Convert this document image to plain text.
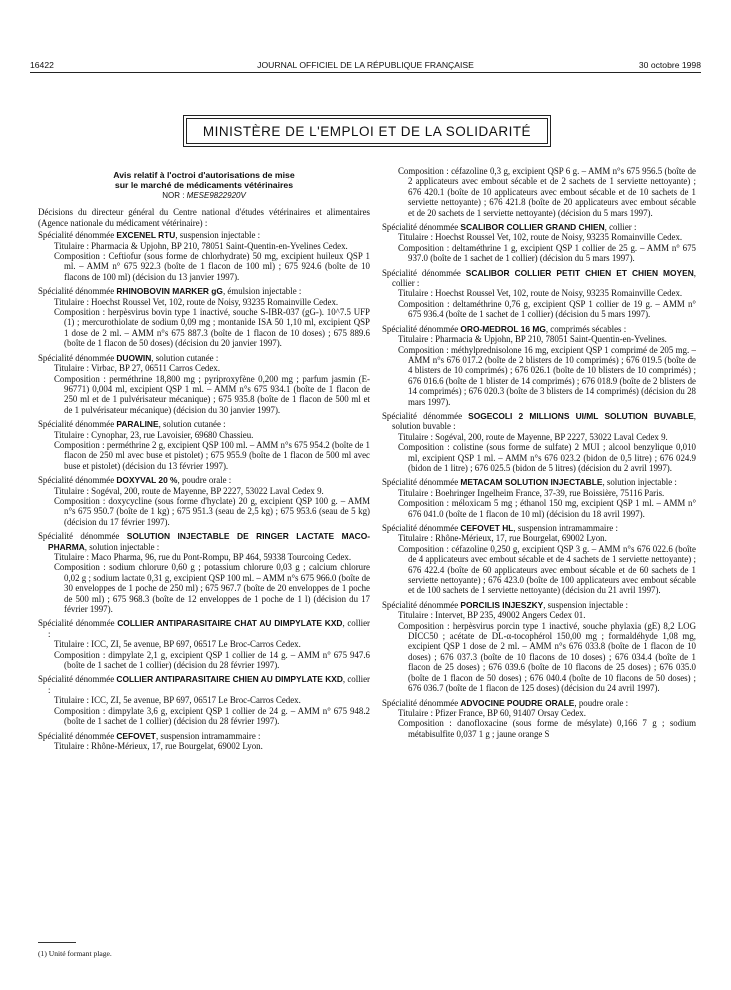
16422	JOURNAL OFFICIEL DE LA RÉPUBLIQUE FRANÇAISE	30 octobre 1998
MINISTÈRE DE L'EMPLOI ET DE LA SOLIDARITÉ

Avis relatif à l'octroi d'autorisations de mise

sur le marché de médicaments vétérinaires

NOR : MESE9822920V

Décisions du directeur général du Centre national d'études vétérinaires et alimentaires (Agence nationale du médicament vétérinaire) :

Spécialité dénommée EXCENEL RTU, suspension injectable :

Titulaire : Pharmacia & Upjohn, BP 210, 78051 Saint-Quentin-en-Yvelines Cedex.

Composition : Ceftiofur (sous forme de chlorhydrate) 50 mg, excipient huileux QSP 1 ml. – AMM n° 675 922.3 (boîte de 1 flacon de 100 ml) ; 675 924.6 (boîte de 10 flacons de 100 ml) (décision du 13 janvier 1997).

Spécialité dénommée RHINOBOVIN MARKER gG, émulsion injectable :

Titulaire : Hoechst Roussel Vet, 102, route de Noisy, 93235 Romainville Cedex.

Composition : herpèsvirus bovin type 1 inactivé, souche S-IBR-037 (gG-). 10^7.5 UFP (1) ; mercurothiolate de sodium 0,09 mg ; montanide ISA 50 1,10 ml, excipient QSP 1 dose de 2 ml. – AMM n°s 675 887.3 (boîte de 1 flacon de 10 doses) ; 675 889.6 (boîte de 1 flacon de 50 doses) (décision du 20 janvier 1997).

Spécialité dénommée DUOWIN, solution cutanée :

Titulaire : Virbac, BP 27, 06511 Carros Cedex.

Composition : perméthrine 18,800 mg ; pyriproxyfène 0,200 mg ; parfum jasmin (E-96771) 0,004 ml, excipient QSP 1 ml. – AMM n°s 675 934.1 (boîte de 1 flacon de 250 ml et de 1 pulvérisateur mécanique) ; 675 935.8 (boîte de 1 flacon de 500 ml et de 1 pulvérisateur mécanique) (décision du 30 janvier 1997).

Spécialité dénommée PARALINE, solution cutanée :

Titulaire : Cynophar, 23, rue Lavoisier, 69680 Chassieu.

Composition : perméthrine 2 g, excipient QSP 100 ml. – AMM n°s 675 954.2 (boîte de 1 flacon de 250 ml avec buse et pistolet) ; 675 955.9 (boîte de 1 flacon de 500 ml avec buse et pistolet) (décision du 13 février 1997).

Spécialité dénommée DOXYVAL 20 %, poudre orale :

Titulaire : Sogéval, 200, route de Mayenne, BP 2227, 53022 Laval Cedex 9.

Composition : doxycycline (sous forme d'hyclate) 20 g, excipient QSP 100 g. – AMM n°s 675 950.7 (boîte de 1 kg) ; 675 951.3 (seau de 2,5 kg) ; 675 953.6 (seau de 5 kg) (décision du 17 février 1997).

Spécialité dénommée SOLUTION INJECTABLE DE RINGER LACTATE MACO-PHARMA, solution injectable :

Titulaire : Maco Pharma, 96, rue du Pont-Rompu, BP 464, 59338 Tourcoing Cedex.

Composition : sodium chlorure 0,60 g ; potassium chlorure 0,03 g ; calcium chlorure 0,02 g ; sodium lactate 0,31 g, excipient QSP 100 ml. – AMM n°s 675 966.0 (boîte de 30 enveloppes de 1 poche de 250 ml) ; 675 967.7 (boîte de 20 enveloppes de 1 poche de 500 ml) ; 675 968.3 (boîte de 12 enveloppes de 1 poche de 1 l) (décision du 17 février 1997).

Spécialité dénommée COLLIER ANTIPARASITAIRE CHAT AU DIMPYLATE KXD, collier :

Titulaire : ICC, ZI, 5e avenue, BP 697, 06517 Le Broc-Carros Cedex.

Composition : dimpylate 2,1 g, excipient QSP 1 collier de 14 g. – AMM n° 675 947.6 (boîte de 1 sachet de 1 collier) (décision du 28 février 1997).

Spécialité dénommée COLLIER ANTIPARASITAIRE CHIEN AU DIMPYLATE KXD, collier :

Titulaire : ICC, ZI, 5e avenue, BP 697, 06517 Le Broc-Carros Cedex.

Composition : dimpylate 3,6 g, excipient QSP 1 collier de 24 g. – AMM n° 675 948.2 (boîte de 1 sachet de 1 collier) (décision du 28 février 1997).

Spécialité dénommée CEFOVET, suspension intramammaire :

Titulaire : Rhône-Mérieux, 17, rue Bourgelat, 69002 Lyon.

Composition : céfazoline 0,3 g, excipient QSP 6 g. – AMM n°s 675 956.5 (boîte de 2 applicateurs avec embout sécable et de 2 sachets de 1 serviette nettoyante) ; 676 420.1 (boîte de 10 applicateurs avec embout sécable et de 10 sachets de 1 serviette nettoyante) ; 676 421.8 (boîte de 20 applicateurs avec embout sécable et de 20 sachets de 1 serviette nettoyante) (décision du 5 mars 1997).

Spécialité dénommée SCALIBOR COLLIER GRAND CHIEN, collier :

Titulaire : Hoechst Roussel Vet, 102, route de Noisy, 93235 Romainville Cedex.

Composition : deltaméthrine 1 g, excipient QSP 1 collier de 25 g. – AMM n° 675 937.0 (boîte de 1 sachet de 1 collier) (décision du 5 mars 1997).

Spécialité dénommée SCALIBOR COLLIER PETIT CHIEN ET CHIEN MOYEN, collier :

Titulaire : Hoechst Roussel Vet, 102, route de Noisy, 93235 Romainville Cedex.

Composition : deltaméthrine 0,76 g, excipient QSP 1 collier de 19 g. – AMM n° 675 936.4 (boîte de 1 sachet de 1 collier) (décision du 5 mars 1997).

Spécialité dénommée ORO-MEDROL 16 MG, comprimés sécables :

Titulaire : Pharmacia & Upjohn, BP 210, 78051 Saint-Quentin-en-Yvelines.

Composition : méthylprednisolone 16 mg, excipient QSP 1 comprimé de 205 mg. – AMM n°s 676 017.2 (boîte de 2 blisters de 10 comprimés) ; 676 019.5 (boîte de 4 blisters de 10 comprimés) ; 676 026.1 (boîte de 10 blisters de 10 comprimés) ; 676 016.6 (boîte de 1 blister de 14 comprimés) ; 676 018.9 (boîte de 2 blisters de 14 comprimés) ; 676 020.3 (boîte de 3 blisters de 14 comprimés) (décision du 28 mars 1997).

Spécialité dénommée SOGECOLI 2 MILLIONS UI/ML SOLUTION BUVABLE, solution buvable :

Titulaire : Sogéval, 200, route de Mayenne, BP 2227, 53022 Laval Cedex 9.

Composition : colistine (sous forme de sulfate) 2 MUI ; alcool benzylique 0,010 ml, excipient QSP 1 ml. – AMM n°s 676 023.2 (bidon de 0,5 litre) ; 676 024.9 (bidon de 1 litre) ; 676 025.5 (bidon de 5 litres) (décision du 2 avril 1997).

Spécialité dénommée METACAM SOLUTION INJECTABLE, solution injectable :

Titulaire : Boehringer Ingelheim France, 37-39, rue Boissière, 75116 Paris.

Composition : méloxicam 5 mg ; éthanol 150 mg, excipient QSP 1 ml. – AMM n° 676 041.0 (boîte de 1 flacon de 10 ml) (décision du 18 avril 1997).

Spécialité dénommée CEFOVET HL, suspension intramammaire :

Titulaire : Rhône-Mérieux, 17, rue Bourgelat, 69002 Lyon.

Composition : céfazoline 0,250 g, excipient QSP 3 g. – AMM n°s 676 022.6 (boîte de 4 applicateurs avec embout sécable et de 4 sachets de 1 serviette nettoyante) ; 676 422.4 (boîte de 60 applicateurs avec embout sécable et de 60 sachets de 1 serviette nettoyante) ; 676 423.0 (boîte de 100 applicateurs avec embout sécable et de 100 sachets de 1 serviette nettoyante) (décision du 21 avril 1997).

Spécialité dénommée PORCILIS INJESZKY, suspension injectable :

Titulaire : Intervet, BP 235, 49002 Angers Cedex 01.

Composition : herpèsvirus porcin type 1 inactivé, souche phylaxia (gE) 8,2 LOG DICC50 ; acétate de DL-α-tocophérol 150,00 mg ; formaldéhyde 1,08 mg, excipient QSP 1 dose de 2 ml. – AMM n°s 676 033.8 (boîte de 1 flacon de 10 doses) ; 676 037.3 (boîte de 10 flacons de 10 doses) ; 676 034.4 (boîte de 1 flacon de 25 doses) ; 676 039.6 (boîte de 10 flacons de 25 doses) ; 676 035.0 (boîte de 1 flacon de 50 doses) ; 676 040.4 (boîte de 10 flacons de 50 doses) ; 676 036.7 (boîte de 1 flacon de 125 doses) (décision du 24 avril 1997).

Spécialité dénommée ADVOCINE POUDRE ORALE, poudre orale :

Titulaire : Pfizer France, BP 60, 91407 Orsay Cedex.

Composition : danofloxacine (sous forme de mésylate) 0,166 7 g ; sodium métabisulfite 0,037 1 g ; jaune orange S

(1) Unité formant plage.
